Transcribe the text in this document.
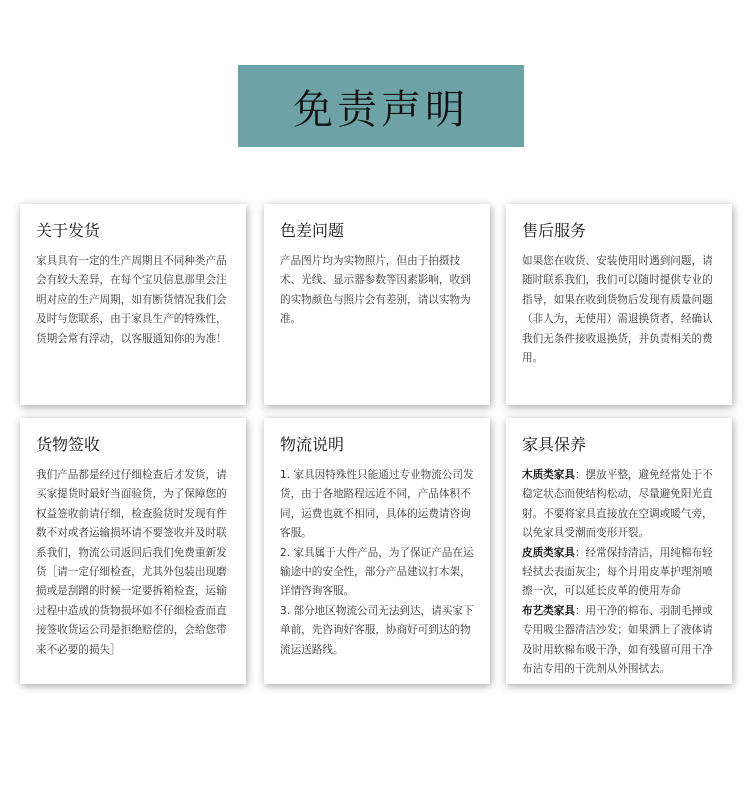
免责声明
关于发货
家具具有一定的生产周期且不同种类产品会有较大差异，在每个宝贝信息那里会注明对应的生产周期，如有断货情况我们会及时与您联系，由于家具生产的特殊性，货期会常有浮动，以客服通知你的为准！
色差问题
产品图片均为实物照片，但由于拍摄技术、光线、显示器参数等因素影响，收到的实物颜色与照片会有差别，请以实物为准。
售后服务
如果您在收货、安装使用时遇到问题，请随时联系我们，我们可以随时提供专业的指导，如果在收到货物后发现有质量问题（非人为，无使用）需退换货者，经确认我们无条件接收退换货，并负责相关的费用。
货物签收
我们产品都是经过仔细检查后才发货，请买家提货时最好当面验货，为了保障您的权益签收前请仔细，检查验货时发现有件数不对或者运输损坏请不要签收并及时联系我们，物流公司返回后我们免费重新发货［请一定仔细检查，尤其外包装出现磨损或是刮蹭的时候一定要拆箱检查，运输过程中造成的货物损坏如不仔细检查而直接签收货运公司是拒绝赔偿的，会给您带来不必要的损失］
物流说明

1. 家具因特殊性只能通过专业物流公司发货，由于各地路程远近不同，产品体积不同，运费也就不相同，具体的运费请咨询客服。

2. 家具属于大件产品，为了保证产品在运输途中的安全性，部分产品建议打木架，详情咨询客服。

3. 部分地区物流公司无法到达，请买家下单前，先咨询好客服，协商好可到达的物流运送路线。

家具保养

木质类家具：摆放平整，避免经常处于不稳定状态而使结构松动，尽量避免阳光直射。不要将家具直接放在空调或暖气旁，以免家具受潮而变形开裂。

皮质类家具：经常保持清洁，用纯棉布轻轻拭去表面灰尘；每个月用皮革护理剂喷擦一次，可以延长皮革的使用寿命

布艺类家具：用干净的棉布、羽制毛掸或专用吸尘器清洁沙发；如果洒上了液体请及时用软棉布吸干净，如有残留可用干净布沾专用的干洗剂从外围拭去。
